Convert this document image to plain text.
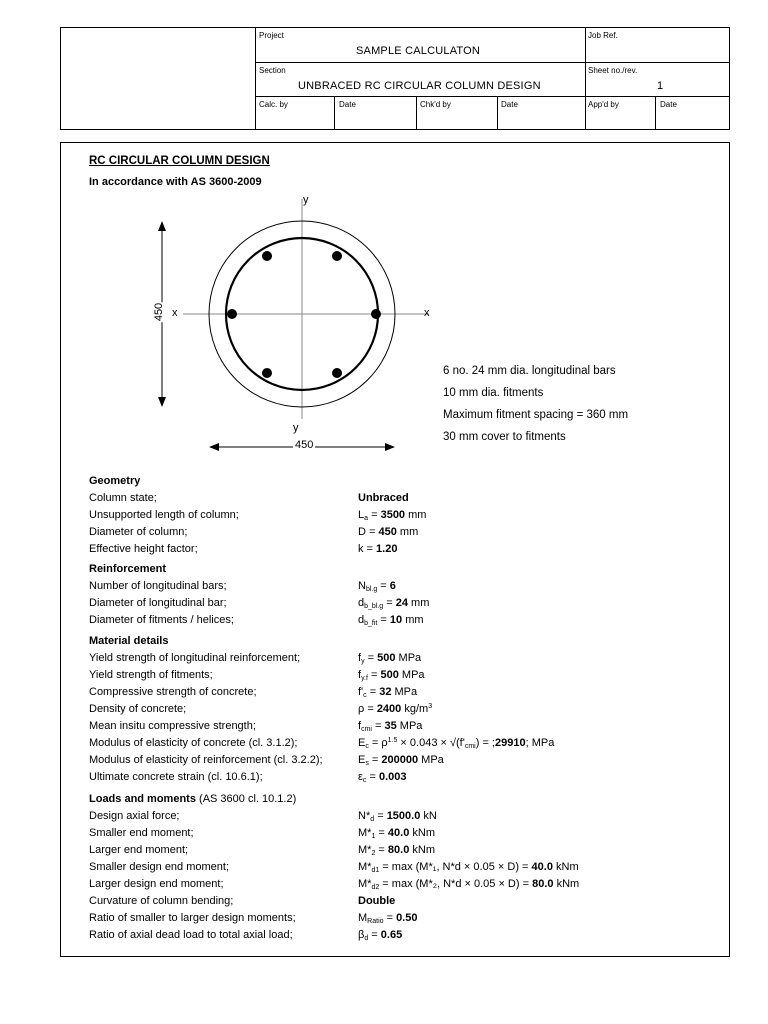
Project
SAMPLE CALCULATON
Job Ref.
Section
UNBRACED RC CIRCULAR COLUMN DESIGN
Sheet no./rev.
1
Calc. by	Date	Chk'd by	Date	App'd by	Date
RC CIRCULAR COLUMN DESIGN
In accordance with AS 3600-2009
y
y
x	x
450
450
6 no. 24 mm dia. longitudinal bars
10 mm dia. fitments
Maximum fitment spacing = 360 mm
30 mm cover to fitments
Geometry
Column state;	Unbraced
Unsupported length of column;	$L_a = 3500$ mm
Diameter of column;	D = 450 mm
Effective height factor;	k = 1.20
Reinforcement
Number of longitudinal bars;	$N_{bl.g} = 6$
Diameter of longitudinal bar;	$d_{b\_bl.g} = 24$ mm
Diameter of fitments / helices;	$d_{b\_fit} = 10$ mm
Material details
Yield strength of longitudinal reinforcement;	$f_y = 500$ MPa
Yield strength of fitments;	$f_{y.f} = 500$ MPa
Compressive strength of concrete;	$f'_c = 32$ MPa
Density of concrete;	ρ = 2400 $kg/m^3$
Mean insitu compressive strength;	$f_{cmi} = 35$ MPa
Modulus of elasticity of concrete (cl. 3.1.2);	$E_c = \rho^{1.5} \times 0.043 \times √(f'_{cmi})$ = ;29910; MPa
Modulus of elasticity of reinforcement (cl. 3.2.2);	$E_s = 200000$ MPa
Ultimate concrete strain (cl. 10.6.1);	$\varepsilon_c = 0.003$
Loads and moments (AS 3600 cl. 10.1.2)
Design axial force;	$N*_d = 1500.0$ kN
Smaller end moment;	$M*_1 = 40.0$ kNm
Larger end moment;	$M*_2 = 80.0$ kNm
Smaller design end moment;	$M*_{d1} = \max (M*_1$, N*d × 0.05 × D) = 40.0 kNm
Larger design end moment;	$M*_{d2} = \max (M*_2$, N*d × 0.05 × D) = 80.0 kNm
Curvature of column bending;	Double
Ratio of smaller to larger design moments;	$M_{Ratio} = 0.50$
Ratio of axial dead load to total axial load;	$\beta_d = 0.65$
